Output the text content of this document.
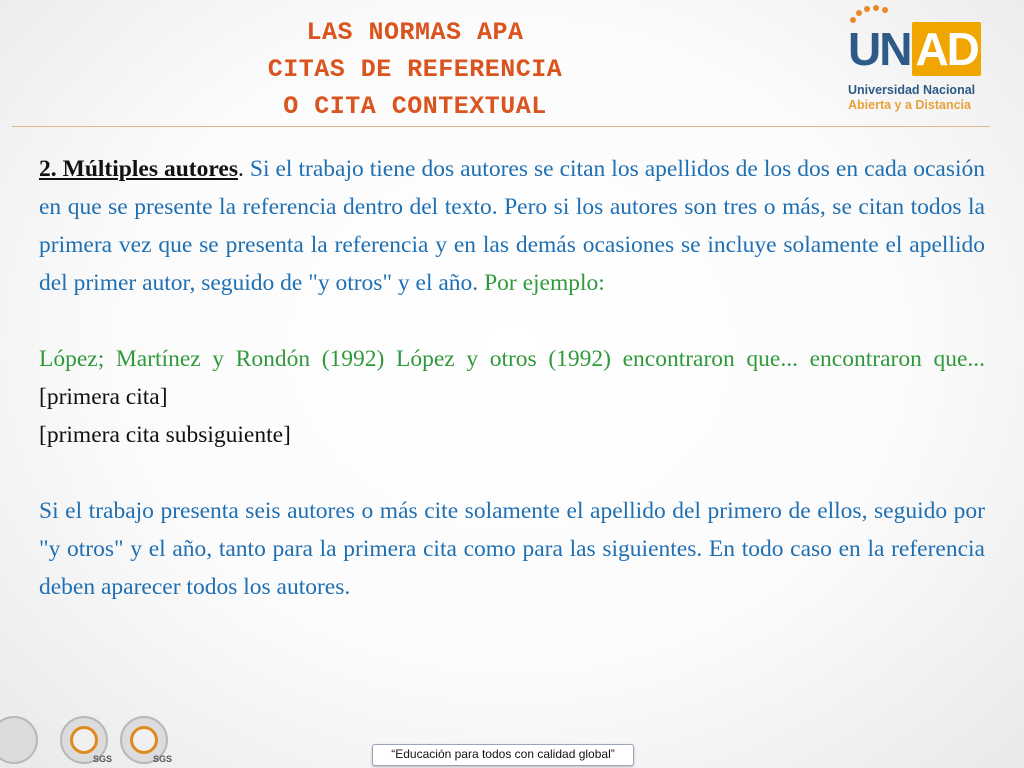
LAS NORMAS APA
CITAS DE REFERENCIA
O CITA CONTEXTUAL
UN AD
Universidad Nacional
Abierta y a Distancia

2. Múltiples autores. Si el trabajo tiene dos autores se citan los apellidos de los dos en cada ocasión en que se presente la referencia dentro del texto. Pero si los autores son tres o más, se citan todos la primera vez que se presenta la referencia y en las demás ocasiones se incluye solamente el apellido del primer autor, seguido de "y otros" y el año. Por ejemplo:

López; Martínez y Rondón (1992) López y otros (1992) encontraron que... encontraron que... [primera cita]

[primera cita subsiguiente]

Si el trabajo presenta seis autores o más cite solamente el apellido del primero de ellos, seguido por "y otros" y el año, tanto para la primera cita como para las siguientes. En todo caso en la referencia deben aparecer todos los autores.

SGS	SGS	“Educación para todos con calidad global”
